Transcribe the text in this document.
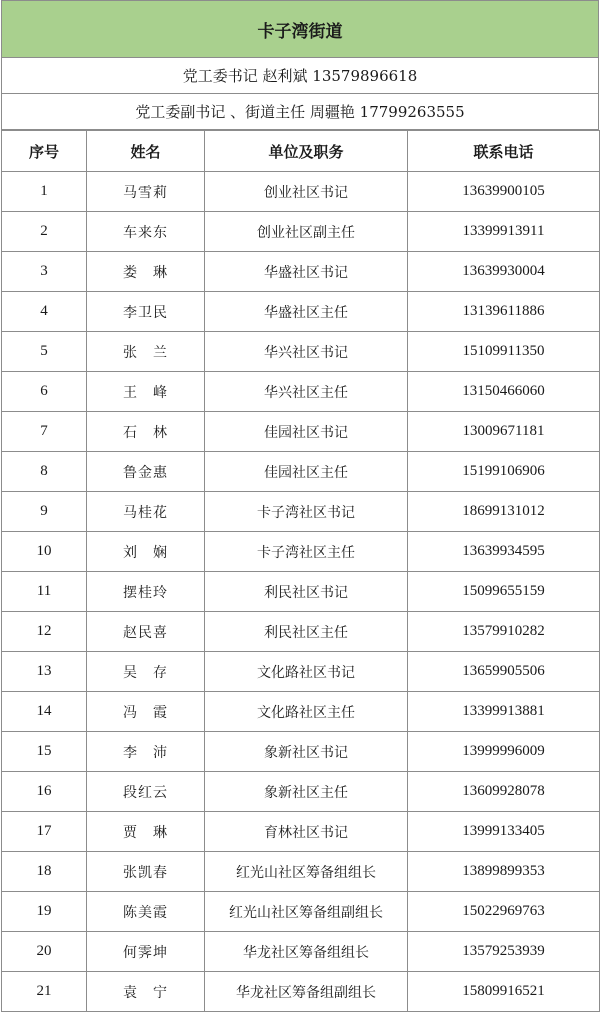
卡子湾街道
党工委书记 赵利斌 13579896618
党工委副书记 、街道主任 周疆艳 17799263555
序号	姓名	单位及职务	联系电话
1	马雪莉	创业社区书记	13639900105
2	车来东	创业社区副主任	13399913911
3	娄　琳	华盛社区书记	13639930004
4	李卫民	华盛社区主任	13139611886
5	张　兰	华兴社区书记	15109911350
6	王　峰	华兴社区主任	13150466060
7	石　林	佳园社区书记	13009671181
8	鲁金惠	佳园社区主任	15199106906
9	马桂花	卡子湾社区书记	18699131012
10	刘　娴	卡子湾社区主任	13639934595
11	摆桂玲	利民社区书记	15099655159
12	赵民喜	利民社区主任	13579910282
13	吴　存	文化路社区书记	13659905506
14	冯　霞	文化路社区主任	13399913881
15	李　沛	象新社区书记	13999996009
16	段红云	象新社区主任	13609928078
17	贾　琳	育林社区书记	13999133405
18	张凯春	红光山社区筹备组组长	13899899353
19	陈美霞	红光山社区筹备组副组长	15022969763
20	何霁坤	华龙社区筹备组组长	13579253939
21	袁　宁	华龙社区筹备组副组长	15809916521
